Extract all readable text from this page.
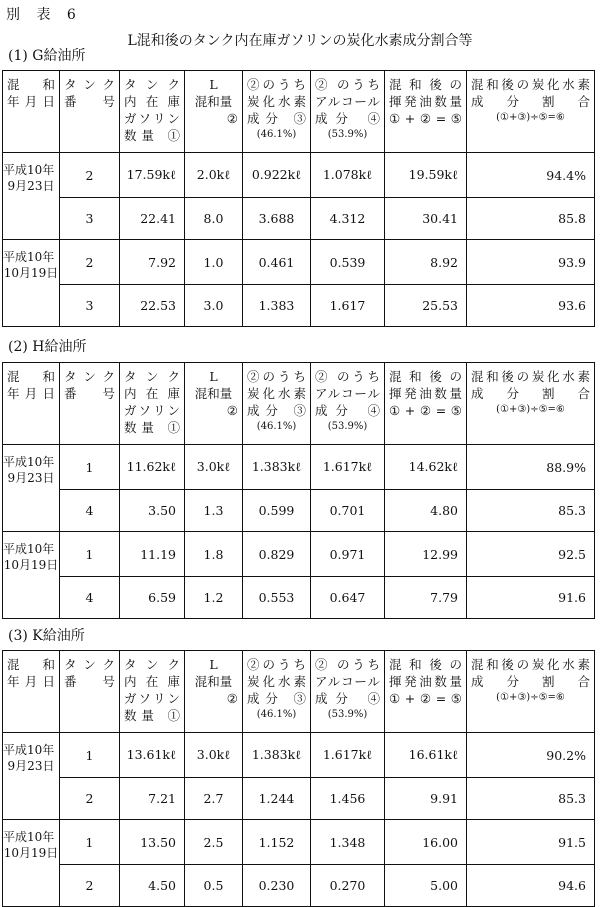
別 表 6
L混和後のタンク内在庫ガソリンの炭化水素成分割合等
(1) G給油所
混　和
年 月 日	タンク
番 号	タンク
内在庫
ガソリン
数量 ①	L
混和量
②	②のうち
炭化水素
成分 ③
(46.1%)	② のうち
アルコール
成分 ④
(53.9%)	混和後の
揮発油数量
①+②=⑤	混和後の炭化水素
成 分 割 合
(①+③)÷⑤=⑥

平成10年
9月23日	2	17.59kℓ	2.0kℓ	0.922kℓ	1.078kℓ	19.59kℓ	94.4%
	3	22.41	8.0	3.688	4.312	30.41	85.8

平成10年
10月19日	2	7.92	1.0	0.461	0.539	8.92	93.9
	3	22.53	3.0	1.383	1.617	25.53	93.6
(2) H給油所
混　和
年 月 日	タンク
番 号	タンク
内在庫
ガソリン
数量 ①	L
混和量
②	②のうち
炭化水素
成分 ③
(46.1%)	② のうち
アルコール
成分 ④
(53.9%)	混和後の
揮発油数量
①+②=⑤	混和後の炭化水素
成 分 割 合
(①+③)÷⑤=⑥

平成10年
9月23日	1	11.62kℓ	3.0kℓ	1.383kℓ	1.617kℓ	14.62kℓ	88.9%
	4	3.50	1.3	0.599	0.701	4.80	85.3

平成10年
10月19日	1	11.19	1.8	0.829	0.971	12.99	92.5
	4	6.59	1.2	0.553	0.647	7.79	91.6
(3) K給油所
混　和
年 月 日	タンク
番 号	タンク
内在庫
ガソリン
数量 ①	L
混和量
②	②のうち
炭化水素
成分 ③
(46.1%)	② のうち
アルコール
成分 ④
(53.9%)	混和後の
揮発油数量
①+②=⑤	混和後の炭化水素
成 分 割 合
(①+③)÷⑤=⑥

平成10年
9月23日	1	13.61kℓ	3.0kℓ	1.383kℓ	1.617kℓ	16.61kℓ	90.2%
	2	7.21	2.7	1.244	1.456	9.91	85.3

平成10年
10月19日	1	13.50	2.5	1.152	1.348	16.00	91.5
	2	4.50	0.5	0.230	0.270	5.00	94.6
